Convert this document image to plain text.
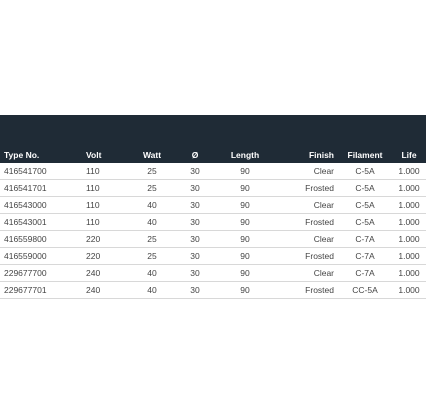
Type No.	Volt	Watt	Ø	Length	Finish	Filament	Life
416541700	110	25	30	90	Clear	C-5A	1.000
416541701	110	25	30	90	Frosted	C-5A	1.000
416543000	110	40	30	90	Clear	C-5A	1.000
416543001	110	40	30	90	Frosted	C-5A	1.000
416559800	220	25	30	90	Clear	C-7A	1.000
416559000	220	25	30	90	Frosted	C-7A	1.000
229677700	240	40	30	90	Clear	C-7A	1.000
229677701	240	40	30	90	Frosted	CC-5A	1.000
